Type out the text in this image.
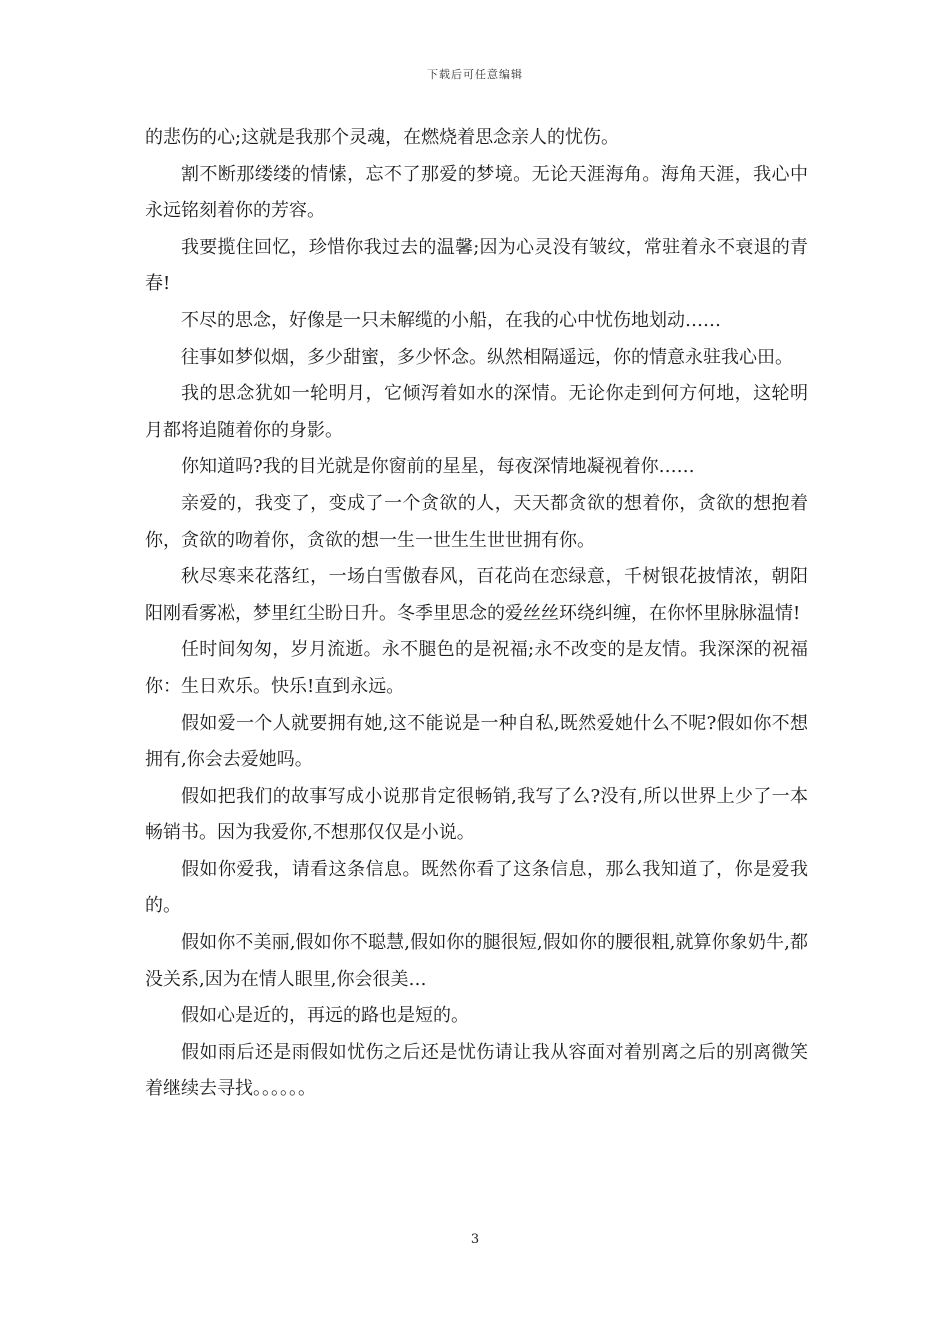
下载后可任意编辑

的悲伤的心;这就是我那个灵魂，在燃烧着思念亲人的忧伤。

割不断那缕缕的情愫，忘不了那爱的梦境。无论天涯海角。海角天涯，我心中永远铭刻着你的芳容。

我要揽住回忆，珍惜你我过去的温馨;因为心灵没有皱纹，常驻着永不衰退的青春!

不尽的思念，好像是一只未解缆的小船，在我的心中忧伤地划动……

往事如梦似烟，多少甜蜜，多少怀念。纵然相隔遥远，你的情意永驻我心田。

我的思念犹如一轮明月，它倾泻着如水的深情。无论你走到何方何地，这轮明月都将追随着你的身影。

你知道吗?我的目光就是你窗前的星星，每夜深情地凝视着你……

亲爱的，我变了，变成了一个贪欲的人，天天都贪欲的想着你，贪欲的想抱着你，贪欲的吻着你，贪欲的想一生一世生生世世拥有你。

秋尽寒来花落红，一场白雪傲春风，百花尚在恋绿意，千树银花披情浓，朝阳阳刚看雾凇，梦里红尘盼日升。冬季里思念的爱丝丝环绕纠缠，在你怀里脉脉温情!

任时间匆匆，岁月流逝。永不腿色的是祝福;永不改变的是友情。我深深的祝福你：生日欢乐。快乐!直到永远。

假如爱一个人就要拥有她,这不能说是一种自私,既然爱她什么不呢?假如你不想拥有,你会去爱她吗。

假如把我们的故事写成小说那肯定很畅销,我写了么?没有,所以世界上少了一本畅销书。因为我爱你,不想那仅仅是小说。

假如你爱我，请看这条信息。既然你看了这条信息，那么我知道了，你是爱我的。

假如你不美丽,假如你不聪慧,假如你的腿很短,假如你的腰很粗,就算你象奶牛,都没关系,因为在情人眼里,你会很美…

假如心是近的，再远的路也是短的。

假如雨后还是雨假如忧伤之后还是忧伤请让我从容面对着别离之后的别离微笑着继续去寻找。。。。。。

3
